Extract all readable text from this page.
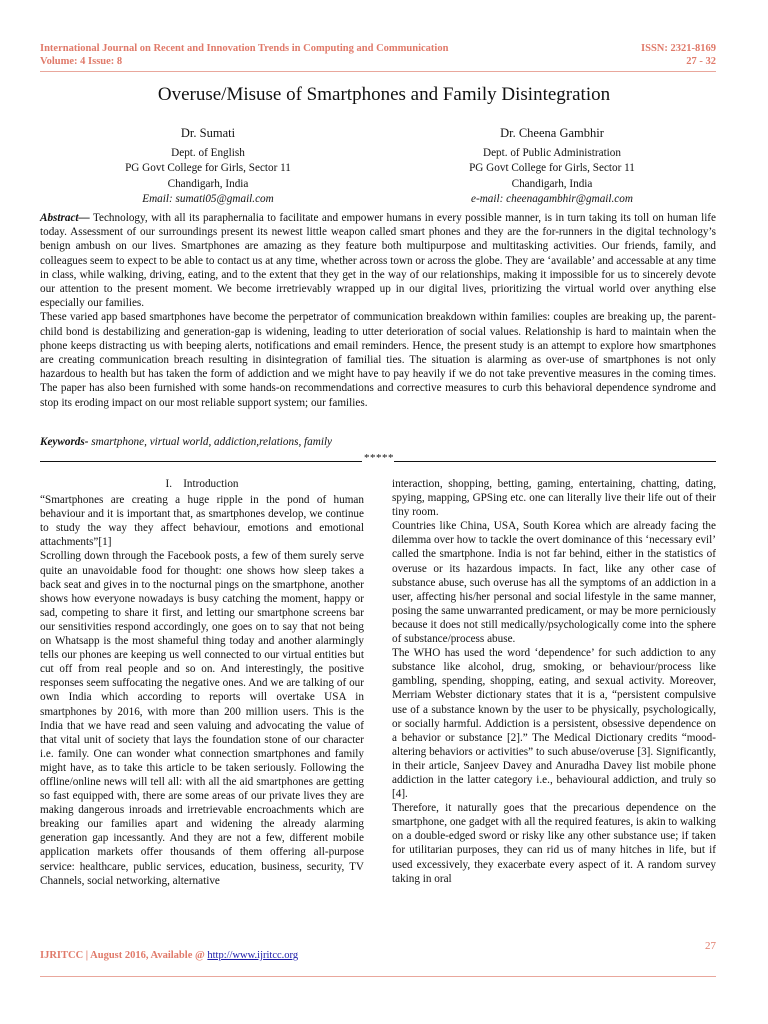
International Journal on Recent and Innovation Trends in Computing and Communication
Volume: 4 Issue: 8
ISSN: 2321-8169
27 - 32
Overuse/Misuse of Smartphones and Family Disintegration
Dr. Sumati
Dept. of English
PG Govt College for Girls, Sector 11
Chandigarh, India
Email: sumati05@gmail.com
Dr. Cheena Gambhir
Dept. of Public Administration
PG Govt College for Girls, Sector 11
Chandigarh, India
e-mail: cheenagambhir@gmail.com

Abstract— Technology, with all its paraphernalia to facilitate and empower humans in every possible manner, is in turn taking its toll on human life today. Assessment of our surroundings present its newest little weapon called smart phones and they are the for-runners in the digital technology’s benign ambush on our lives. Smartphones are amazing as they feature both multipurpose and multitasking activities. Our friends, family, and colleagues seem to expect to be able to contact us at any time, whether across town or across the globe. They are ‘available’ and accessable at any time in class, while walking, driving, eating, and to the extent that they get in the way of our relationships, making it impossible for us to sincerely devote our attention to the present moment. We become irretrievably wrapped up in our digital lives, prioritizing the virtual world over anything else especially our families.

These varied app based smartphones have become the perpetrator of communication breakdown within families: couples are breaking up, the parent-child bond is destabilizing and generation-gap is widening, leading to utter deterioration of social values. Relationship is hard to maintain when the phone keeps distracting us with beeping alerts, notifications and email reminders. Hence, the present study is an attempt to explore how smartphones are creating communication breach resulting in disintegration of familial ties. The situation is alarming as over-use of smartphones is not only hazardous to health but has taken the form of addiction and we might have to pay heavily if we do not take preventive measures in the coming times. The paper has also been furnished with some hands-on recommendations and corrective measures to curb this behavioral dependence syndrome and stop its eroding impact on our most reliable support system; our families.

Keywords- smartphone, virtual world, addiction,relations, family
*****
I. Introduction

“Smartphones are creating a huge ripple in the pond of human behaviour and it is important that, as smartphones develop, we continue to study the way they affect behaviour, emotions and emotional attachments”[1]

Scrolling down through the Facebook posts, a few of them surely serve quite an unavoidable food for thought: one shows how sleep takes a back seat and gives in to the nocturnal pings on the smartphone, another shows how everyone nowadays is busy catching the moment, happy or sad, competing to share it first, and letting our smartphone screens bar our sensitivities respond accordingly, one goes on to say that not being on Whatsapp is the most shameful thing today and another alarmingly tells our phones are keeping us well connected to our virtual entities but cut off from real people and so on. And interestingly, the positive responses seem suffocating the negative ones. And we are talking of our own India which according to reports will overtake USA in smartphones by 2016, with more than 200 million users. This is the India that we have read and seen valuing and advocating the value of that vital unit of society that lays the foundation stone of our character i.e. family. One can wonder what connection smartphones and family might have, as to take this article to be taken seriously. Following the offline/online news will tell all: with all the aid smartphones are getting so fast equipped with, there are some areas of our private lives they are making dangerous inroads and irretrievable encroachments which are breaking our families apart and widening the already alarming generation gap incessantly. And they are not a few, different mobile application markets offer thousands of them offering all-purpose service: healthcare, public services, education, business, security, TV Channels, social networking, alternative

interaction, shopping, betting, gaming, entertaining, chatting, dating, spying, mapping, GPSing etc. one can literally live their life out of their tiny room.

Countries like China, USA, South Korea which are already facing the dilemma over how to tackle the overt dominance of this ‘necessary evil’ called the smartphone. India is not far behind, either in the statistics of overuse or its hazardous impacts. In fact, like any other case of substance abuse, such overuse has all the symptoms of an addiction in a user, affecting his/her personal and social lifestyle in the same manner, posing the same unwarranted predicament, or may be more perniciously because it does not still medically/psychologically come into the sphere of substance/process abuse.

The WHO has used the word ‘dependence’ for such addiction to any substance like alcohol, drug, smoking, or behaviour/process like gambling, spending, shopping, eating, and sexual activity. Moreover, Merriam Webster dictionary states that it is a, “persistent compulsive use of a substance known by the user to be physically, psychologically, or socially harmful. Addiction is a persistent, obsessive dependence on a behavior or substance [2].” The Medical Dictionary credits “mood-altering behaviors or activities” to such abuse/overuse [3]. Significantly, in their article, Sanjeev Davey and Anuradha Davey list mobile phone addiction in the latter category i.e., behavioural addiction, and truly so [4].

Therefore, it naturally goes that the precarious dependence on the smartphone, one gadget with all the required features, is akin to walking on a double-edged sword or risky like any other substance use; if taken for utilitarian purposes, they can rid us of many hitches in life, but if used excessively, they exacerbate every aspect of it. A random survey taking in oral

27
IJRITCC | August 2016, Available @ http://www.ijritcc.org
